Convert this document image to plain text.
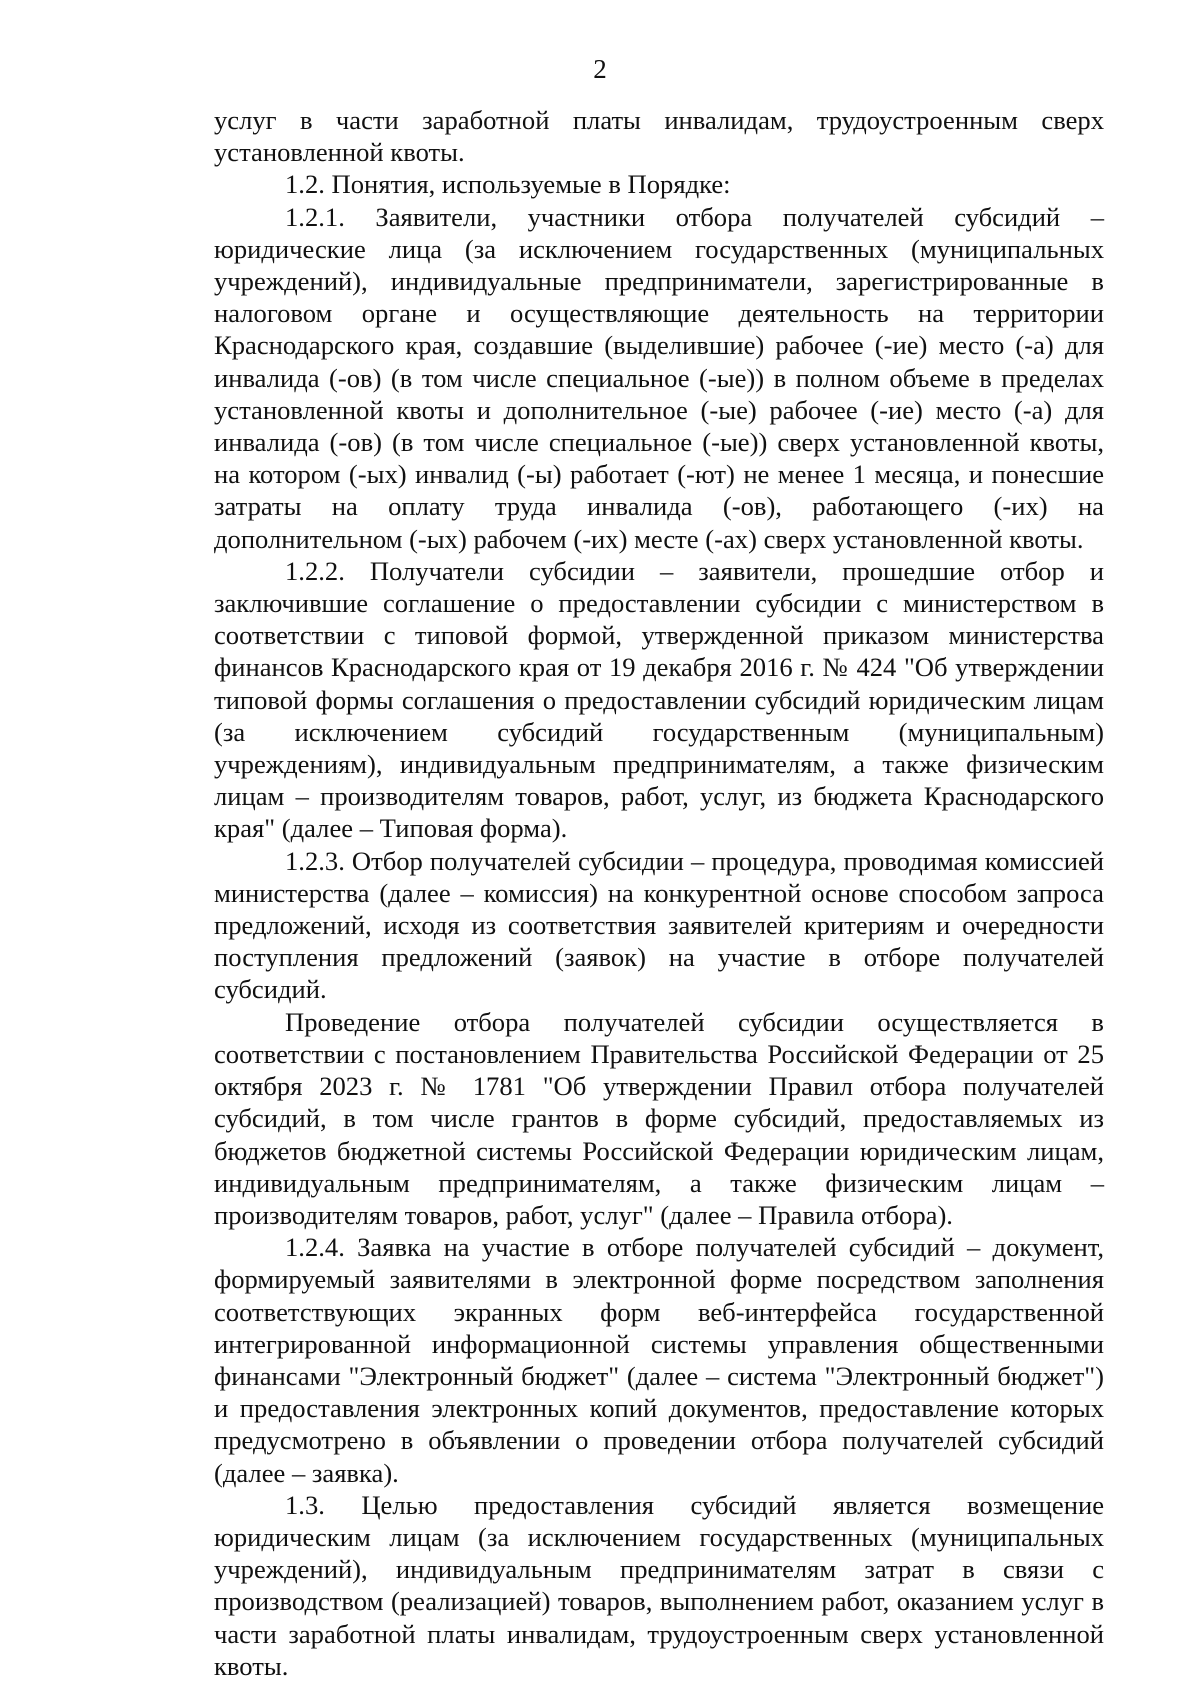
2

услуг в части заработной платы инвалидам, трудоустроенным сверх установленной квоты.

1.2. Понятия, используемые в Порядке:

1.2.1. Заявители, участники отбора получателей субсидий – юридические лица (за исключением государственных (муниципальных учреждений), индивидуальные предприниматели, зарегистрированные в налоговом органе и осуществляющие деятельность на территории Краснодарского края, создавшие (выделившие) рабочее (-ие) место (-а) для инвалида (-ов) (в том числе специальное (-ые)) в полном объеме в пределах установленной квоты и дополнительное (-ые) рабочее (-ие) место (-а) для инвалида (-ов) (в том числе специальное (-ые)) сверх установленной квоты, на котором (-ых) инвалид (-ы) работает (-ют) не менее 1 месяца, и понесшие затраты на оплату труда инвалида (-ов), работающего (-их) на дополнительном (-ых) рабочем (-их) месте (-ах) сверх установленной квоты.

1.2.2. Получатели субсидии – заявители, прошедшие отбор и заключившие соглашение о предоставлении субсидии с министерством в соответствии с типовой формой, утвержденной приказом министерства финансов Краснодарского края от 19 декабря 2016 г. № 424 "Об утверждении типовой формы соглашения о предоставлении субсидий юридическим лицам (за исключением субсидий государственным (муниципальным) учреждениям), индивидуальным предпринимателям, а также физическим лицам – производителям товаров, работ, услуг, из бюджета Краснодарского края" (далее – Типовая форма).

1.2.3. Отбор получателей субсидии – процедура, проводимая комиссией министерства (далее – комиссия) на конкурентной основе способом запроса предложений, исходя из соответствия заявителей критериям и очередности поступления предложений (заявок) на участие в отборе получателей субсидий.

Проведение отбора получателей субсидии осуществляется в соответствии с постановлением Правительства Российской Федерации от 25 октября 2023 г. № 1781 "Об утверждении Правил отбора получателей субсидий, в том числе грантов в форме субсидий, предоставляемых из бюджетов бюджетной системы Российской Федерации юридическим лицам, индивидуальным предпринимателям, а также физическим лицам – производителям товаров, работ, услуг" (далее – Правила отбора).

1.2.4. Заявка на участие в отборе получателей субсидий – документ, формируемый заявителями в электронной форме посредством заполнения соответствующих экранных форм веб-интерфейса государственной интегрированной информационной системы управления общественными финансами "Электронный бюджет" (далее – система "Электронный бюджет") и предоставления электронных копий документов, предоставление которых предусмотрено в объявлении о проведении отбора получателей субсидий (далее – заявка).

1.3. Целью предоставления субсидий является возмещение юридическим лицам (за исключением государственных (муниципальных учреждений), индивидуальным предпринимателям затрат в связи с производством (реализацией) товаров, выполнением работ, оказанием услуг в части заработной платы инвалидам, трудоустроенным сверх установленной квоты.
